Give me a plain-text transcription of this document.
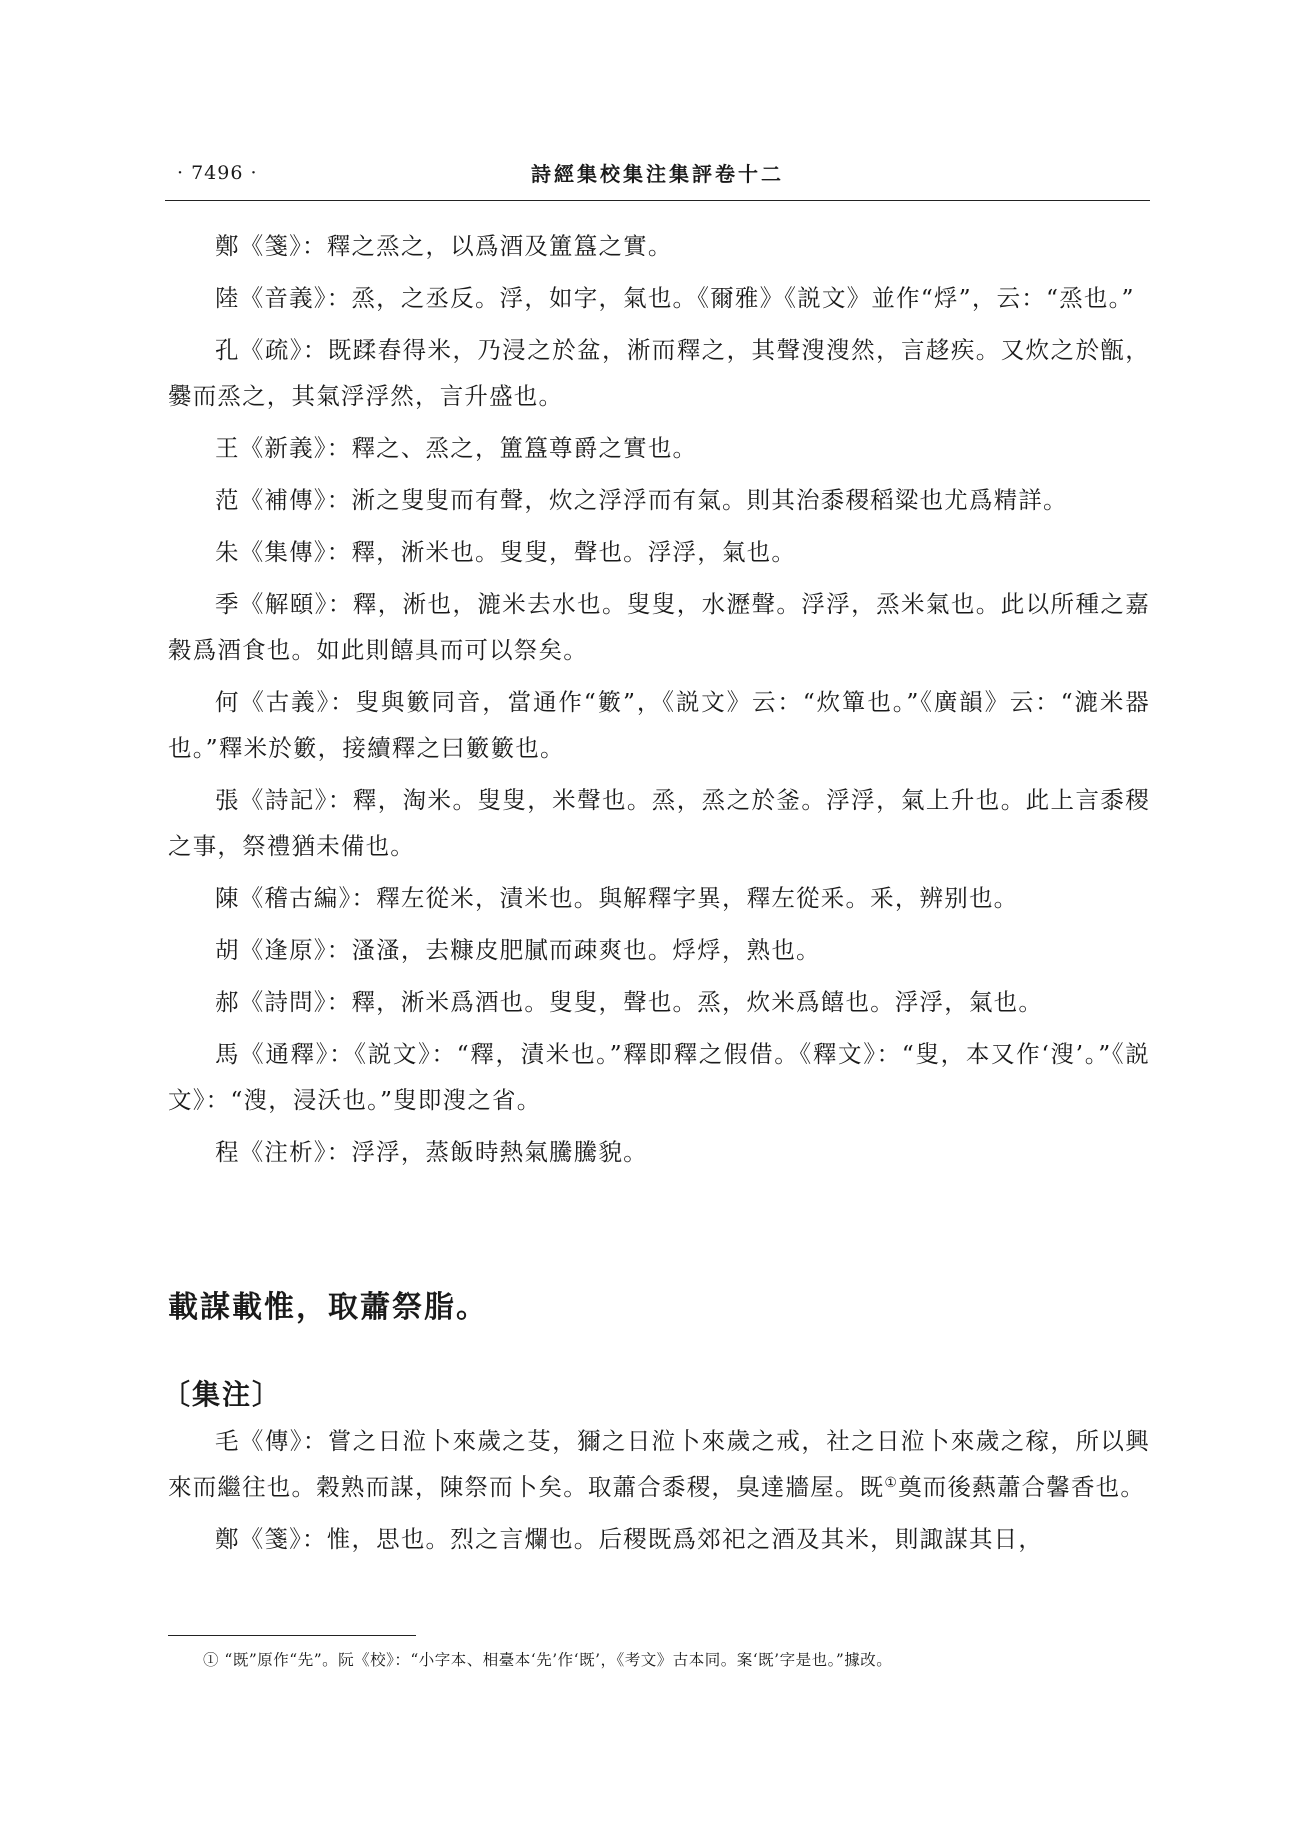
· 7496 ·	詩經集校集注集評卷十二

鄭《箋》：釋之烝之，以爲酒及簠簋之實。

陸《音義》：烝，之丞反。浮，如字，氣也。《爾雅》《説文》並作“烰”，云：“烝也。”

孔《疏》：既蹂舂得米，乃浸之於盆，淅而釋之，其聲溲溲然，言趍疾。又炊之於甑，爨而烝之，其氣浮浮然，言升盛也。

王《新義》：釋之、烝之，簠簋尊爵之實也。

范《補傳》：淅之叟叟而有聲，炊之浮浮而有氣。則其治黍稷稻粱也尤爲精詳。

朱《集傳》：釋，淅米也。叟叟，聲也。浮浮，氣也。

季《解頤》：釋，淅也，漉米去水也。叟叟，水瀝聲。浮浮，烝米氣也。此以所種之嘉穀爲酒食也。如此則饎具而可以祭矣。

何《古義》：叟與籔同音，當通作“籔”，《説文》云：“炊簞也。”《廣韻》云：“漉米器也。”釋米於籔，接續釋之曰籔籔也。

張《詩記》：釋，淘米。叟叟，米聲也。烝，烝之於釜。浮浮，氣上升也。此上言黍稷之事，祭禮猶未備也。

陳《稽古編》：釋左從米，漬米也。與解釋字異，釋左從釆。釆，辨别也。

胡《逢原》：溞溞，去糠皮肥膩而疎爽也。烰烰，熟也。

郝《詩問》：釋，淅米爲酒也。叟叟，聲也。烝，炊米爲饎也。浮浮，氣也。

馬《通釋》：《説文》：“釋，漬米也。”釋即釋之假借。《釋文》：“叟，本又作‘溲’。”《説文》：“溲，浸沃也。”叟即溲之省。

程《注析》：浮浮，蒸飯時熱氣騰騰貌。

載謀載惟，取蕭祭脂。
〔集注〕

毛《傳》：嘗之日涖卜來歲之芟，獮之日涖卜來歲之戒，社之日涖卜來歲之稼，所以興來而繼往也。穀熟而謀，陳祭而卜矣。取蕭合黍稷，臭達牆屋。既①奠而後爇蕭合馨香也。

鄭《箋》：惟，思也。烈之言爛也。后稷既爲郊祀之酒及其米，則諏謀其日，

① “既”原作“先”。阮《校》：“小字本、相臺本‘先’作‘既’，《考文》古本同。案‘既’字是也。”據改。
